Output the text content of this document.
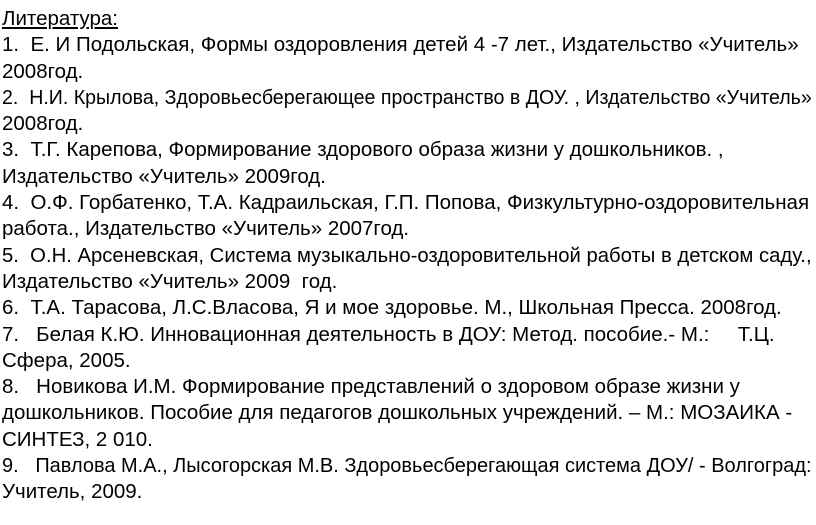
Литература:
1.  Е. И Подольская, Формы оздоровления детей 4 -7 лет., Издательство «Учитель»
2008год.
2.  Н.И. Крылова, Здоровьесберегающее пространство в ДОУ. , Издательство «Учитель»
2008год.
3.  Т.Г. Карепова, Формирование здорового образа жизни у дошкольников. ,
Издательство «Учитель» 2009год.
4.  О.Ф. Горбатенко, Т.А. Кадраильская, Г.П. Попова, Физкультурно-оздоровительная
работа., Издательство «Учитель» 2007год.
5.  О.Н. Арсеневская, Система музыкально-оздоровительной работы в детском саду.,
Издательство «Учитель» 2009  год.
6.  Т.А. Тарасова, Л.С.Власова, Я и мое здоровье. М., Школьная Пресса. 2008год.
7.   Белая К.Ю. Инновационная деятельность в ДОУ: Метод. пособие.- М.:     Т.Ц.
Сфера, 2005.
8.   Новикова И.М. Формирование представлений о здоровом образе жизни у
дошкольников. Пособие для педагогов дошкольных учреждений. – М.: МОЗАИКА -
СИНТЕЗ, 2 010.
9.   Павлова М.А., Лысогорская М.В. Здоровьесберегающая система ДОУ/ - Волгоград:
Учитель, 2009.
